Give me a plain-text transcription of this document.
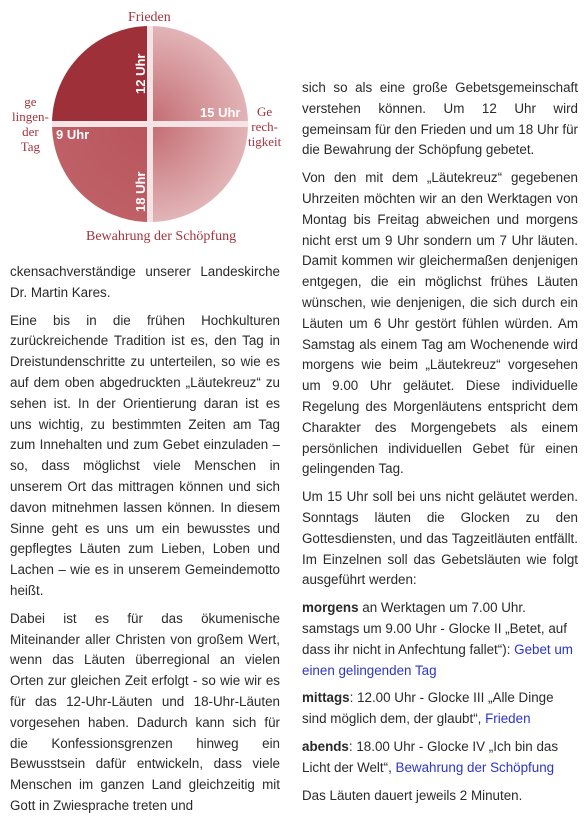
12 Uhr
15 Uhr
18 Uhr
9 Uhr
Frieden
ge
lingen-
der
Tag
Ge
rech-
tigkeit
Bewahrung der Schöpfung

ckensachverständige unserer Landeskirche Dr. Martin Kares.

Eine bis in die frühen Hochkulturen zurückreichende Tradition ist es, den Tag in Dreistundenschritte zu unterteilen, so wie es auf dem oben abgedruckten „Läutekreuz“ zu sehen ist. In der Orientierung daran ist es uns wichtig, zu bestimmten Zeiten am Tag zum Innehalten und zum Gebet einzuladen – so, dass möglichst viele Menschen in unserem Ort das mittragen können und sich davon mitnehmen lassen können. In diesem Sinne geht es uns um ein bewusstes und gepflegtes Läuten zum Lieben, Loben und Lachen – wie es in unserem Gemeindemotto heißt.

Dabei ist es für das ökumenische Miteinander aller Christen von großem Wert, wenn das Läuten überregional an vielen Orten zur gleichen Zeit erfolgt - so wie wir es für das 12-Uhr-Läuten und 18-Uhr-Läuten vorgesehen haben. Dadurch kann sich für die Konfessionsgrenzen hinweg ein Bewusstsein dafür entwickeln, dass viele Menschen im ganzen Land gleichzeitig mit Gott in Zwiesprache treten und

sich so als eine große Gebetsgemeinschaft verstehen können. Um 12 Uhr wird gemeinsam für den Frieden und um 18 Uhr für die Bewahrung der Schöpfung gebetet.

Von den mit dem „Läutekreuz“ gegebenen Uhrzeiten möchten wir an den Werktagen von Montag bis Freitag abweichen und morgens nicht erst um 9 Uhr sondern um 7 Uhr läuten. Damit kommen wir gleichermaßen denjenigen entgegen, die ein möglichst frühes Läuten wünschen, wie denjenigen, die sich durch ein Läuten um 6 Uhr gestört fühlen würden. Am Samstag als einem Tag am Wochenende wird morgens wie beim „Läutekreuz“ vorgesehen um 9.00 Uhr geläutet. Diese individuelle Regelung des Morgenläutens entspricht dem Charakter des Morgengebets als einem persönlichen individuellen Gebet für einen gelingenden Tag.

Um 15 Uhr soll bei uns nicht geläutet werden. Sonntags läuten die Glocken zu den Gottesdiensten, und das Tagzeitläuten entfällt. Im Einzelnen soll das Gebetsläuten wie folgt ausgeführt werden:

morgens an Werktagen um 7.00 Uhr. samstags um 9.00 Uhr - Glocke II „Betet, auf dass ihr nicht in Anfechtung fallet“): Gebet um einen gelingenden Tag

mittags: 12.00 Uhr - Glocke III „Alle Dinge sind möglich dem, der glaubt“, Frieden

abends: 18.00 Uhr - Glocke IV „Ich bin das Licht der Welt“, Bewahrung der Schöpfung

Das Läuten dauert jeweils 2 Minuten.
